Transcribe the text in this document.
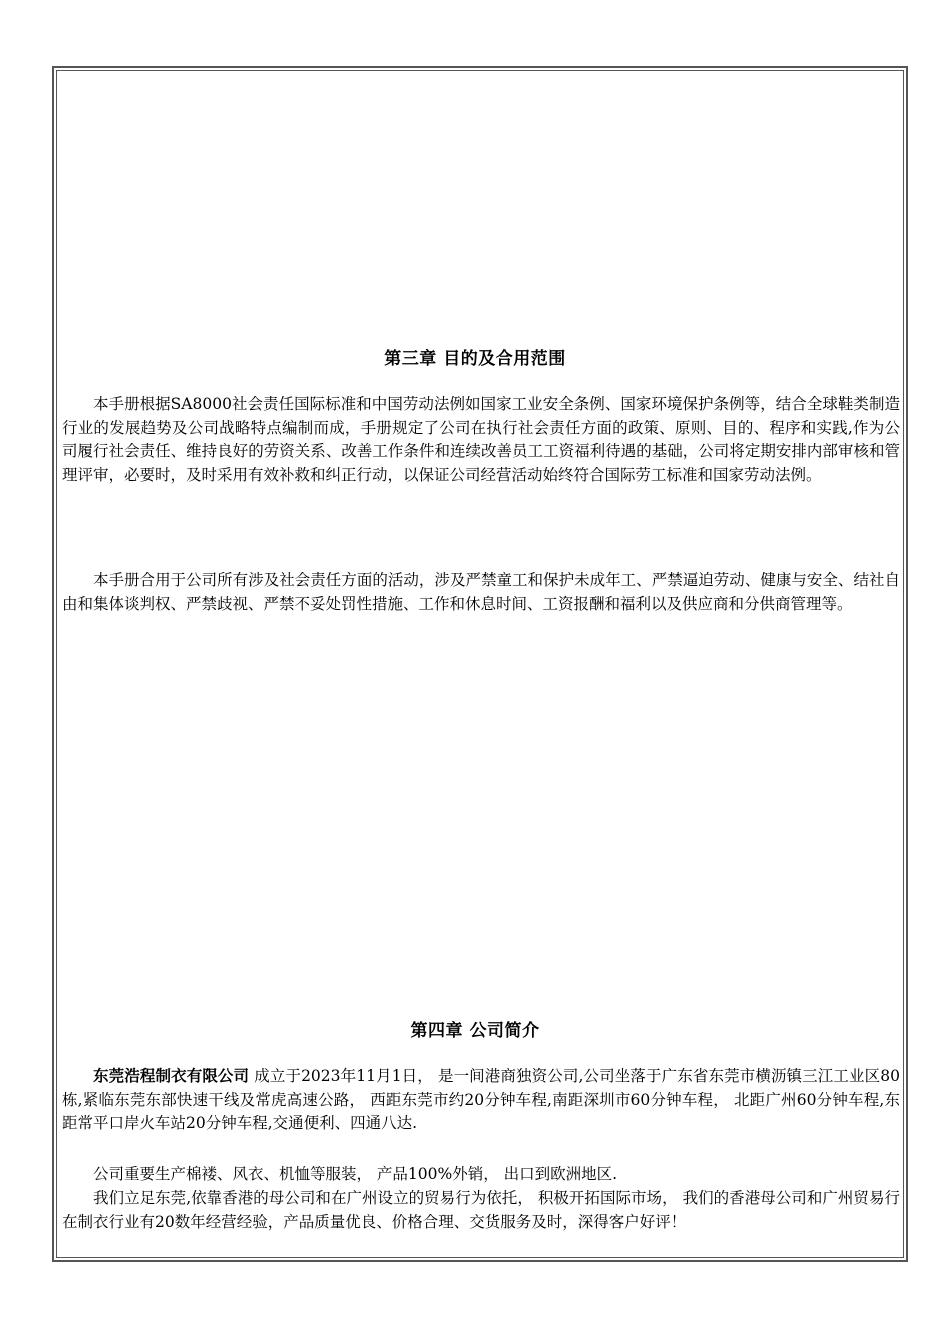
第三章 目的及合用范围

本手册根据SA8000社会责任国际标准和中国劳动法例如国家工业安全条例、国家环境保护条例等，结合全球鞋类制造行业的发展趋势及公司战略特点编制而成，手册规定了公司在执行社会责任方面的政策、原则、目的、程序和实践,作为公司履行社会责任、维持良好的劳资关系、改善工作条件和连续改善员工工资福利待遇的基础，公司将定期安排内部审核和管理评审，必要时，及时采用有效补救和纠正行动，以保证公司经营活动始终符合国际劳工标准和国家劳动法例。

本手册合用于公司所有涉及社会责任方面的活动，涉及严禁童工和保护未成年工、严禁逼迫劳动、健康与安全、结社自由和集体谈判权、严禁歧视、严禁不妥处罚性措施、工作和休息时间、工资报酬和福利以及供应商和分供商管理等。

第四章 公司简介

东莞浩程制衣有限公司 成立于2023年11月1日， 是一间港商独资公司,公司坐落于广东省东莞市横沥镇三江工业区80栋,紧临东莞东部快速干线及常虎高速公路， 西距东莞市约20分钟车程,南距深圳市60分钟车程， 北距广州60分钟车程,东距常平口岸火车站20分钟车程,交通便利、四通八达.

公司重要生产棉褛、风衣、机恤等服装， 产品100%外销， 出口到欧洲地区.

我们立足东莞,依靠香港的母公司和在广州设立的贸易行为依托， 积极开拓国际市场， 我们的香港母公司和广州贸易行在制衣行业有20数年经营经验，产品质量优良、价格合理、交货服务及时，深得客户好评！
